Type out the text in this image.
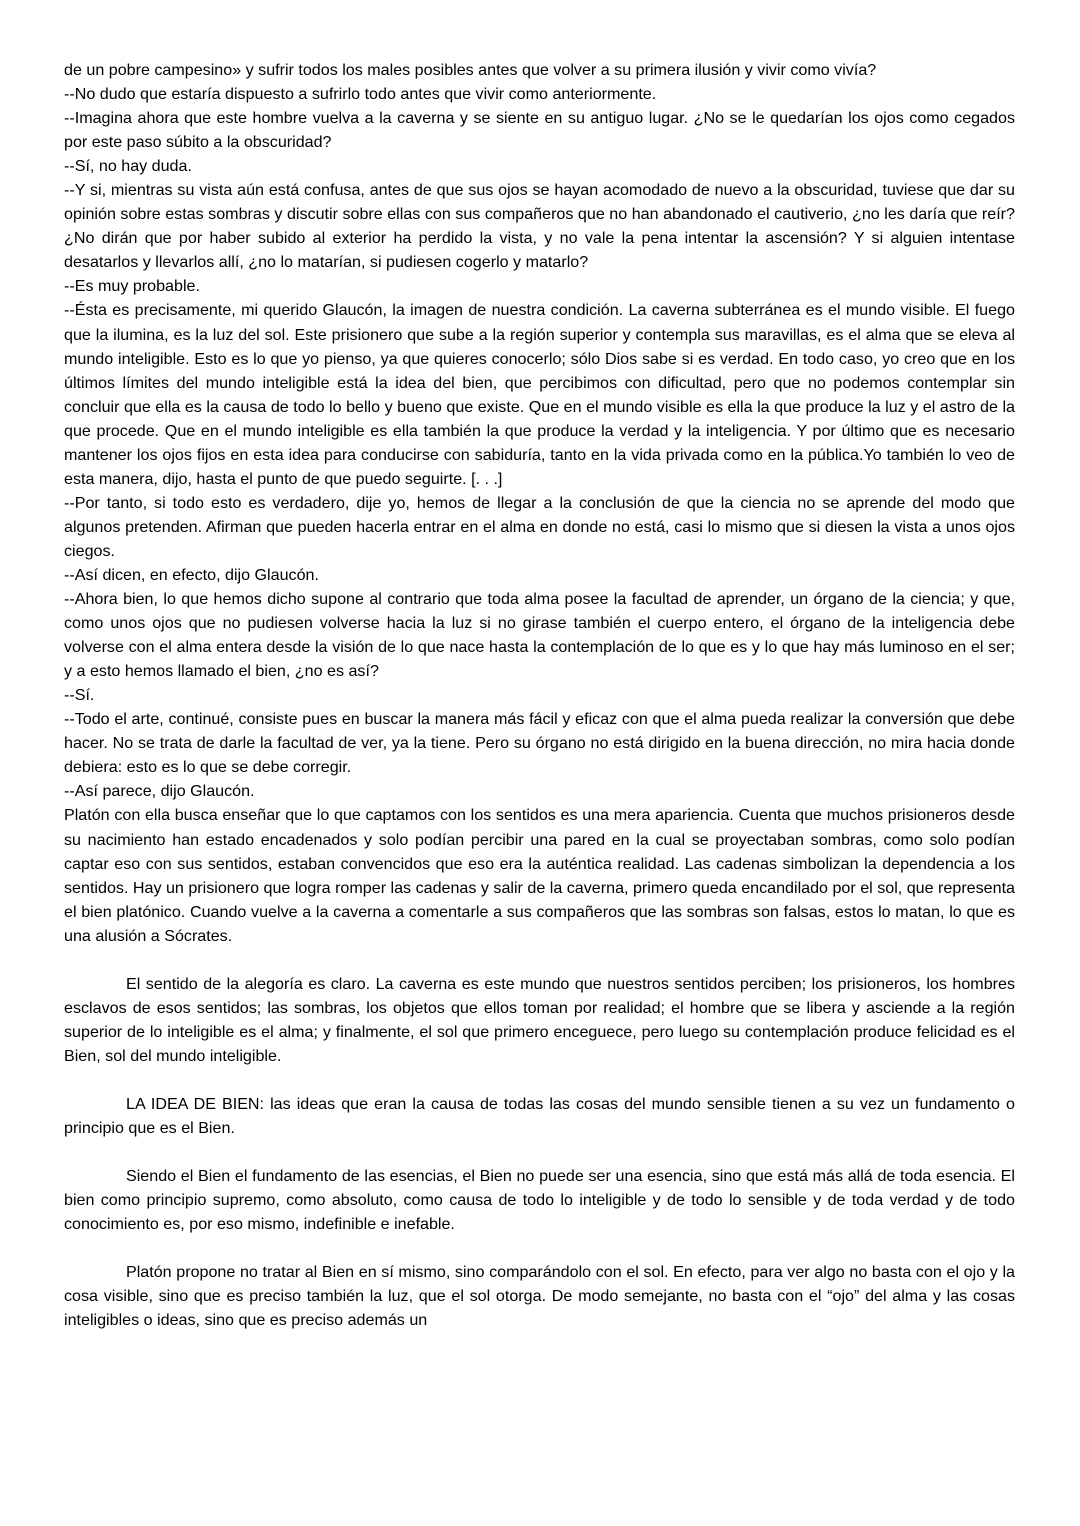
de un pobre campesino» y sufrir todos los males posibles antes que volver a su primera ilusión y vivir como vivía?

--No dudo que estaría dispuesto a sufrirlo todo antes que vivir como anteriormente.

--Imagina ahora que este hombre vuelva a la caverna y se siente en su antiguo lugar. ¿No se le quedarían los ojos como cegados por este paso súbito a la obscuridad?

--Sí, no hay duda.

--Y si, mientras su vista aún está confusa, antes de que sus ojos se hayan acomodado de nuevo a la obscuridad, tuviese que dar su opinión sobre estas sombras y discutir sobre ellas con sus compañeros que no han abandonado el cautiverio, ¿no les daría que reír? ¿No dirán que por haber subido al exterior ha perdido la vista, y no vale la pena intentar la ascensión? Y si alguien intentase desatarlos y llevarlos allí, ¿no lo matarían, si pudiesen cogerlo y matarlo?

--Es muy probable.

--Ésta es precisamente, mi querido Glaucón, la imagen de nuestra condición. La caverna subterránea es el mundo visible. El fuego que la ilumina, es la luz del sol. Este prisionero que sube a la región superior y contempla sus maravillas, es el alma que se eleva al mundo inteligible. Esto es lo que yo pienso, ya que quieres conocerlo; sólo Dios sabe si es verdad. En todo caso, yo creo que en los últimos límites del mundo inteligible está la idea del bien, que percibimos con dificultad, pero que no podemos contemplar sin concluir que ella es la causa de todo lo bello y bueno que existe. Que en el mundo visible es ella la que produce la luz y el astro de la que procede. Que en el mundo inteligible es ella también la que produce la verdad y la inteligencia. Y por último que es necesario mantener los ojos fijos en esta idea para conducirse con sabiduría, tanto en la vida privada como en la pública.Yo también lo veo de esta manera, dijo, hasta el punto de que puedo seguirte. [. . .]

--Por tanto, si todo esto es verdadero, dije yo, hemos de llegar a la conclusión de que la ciencia no se aprende del modo que algunos pretenden. Afirman que pueden hacerla entrar en el alma en donde no está, casi lo mismo que si diesen la vista a unos ojos ciegos.

--Así dicen, en efecto, dijo Glaucón.

--Ahora bien, lo que hemos dicho supone al contrario que toda alma posee la facultad de aprender, un órgano de la ciencia; y que, como unos ojos que no pudiesen volverse hacia la luz si no girase también el cuerpo entero, el órgano de la inteligencia debe volverse con el alma entera desde la visión de lo que nace hasta la contemplación de lo que es y lo que hay más luminoso en el ser; y a esto hemos llamado el bien, ¿no es así?

--Sí.

--Todo el arte, continué, consiste pues en buscar la manera más fácil y eficaz con que el alma pueda realizar la conversión que debe hacer. No se trata de darle la facultad de ver, ya la tiene. Pero su órgano no está dirigido en la buena dirección, no mira hacia donde debiera: esto es lo que se debe corregir.

--Así parece, dijo Glaucón.

Platón con ella busca enseñar que lo que captamos con los sentidos es una mera apariencia. Cuenta que muchos prisioneros desde su nacimiento han estado encadenados y solo podían percibir una pared en la cual se proyectaban sombras, como solo podían captar eso con sus sentidos, estaban convencidos que eso era la auténtica realidad. Las cadenas simbolizan la dependencia a los sentidos. Hay un prisionero que logra romper las cadenas y salir de la caverna, primero queda encandilado por el sol, que representa el bien platónico. Cuando vuelve a la caverna a comentarle a sus compañeros que las sombras son falsas, estos lo matan, lo que es una alusión a Sócrates.

El sentido de la alegoría es claro. La caverna es este mundo que nuestros sentidos perciben; los prisioneros, los hombres esclavos de esos sentidos; las sombras, los objetos que ellos toman por realidad; el hombre que se libera y asciende a la región superior de lo inteligible es el alma; y finalmente, el sol que primero enceguece, pero luego su contemplación produce felicidad es el Bien, sol del mundo inteligible.

LA IDEA DE BIEN: las ideas que eran la causa de todas las cosas del mundo sensible tienen a su vez un fundamento o principio que es el Bien.

Siendo el Bien el fundamento de las esencias, el Bien no puede ser una esencia, sino que está más allá de toda esencia. El bien como principio supremo, como absoluto, como causa de todo lo inteligible y de todo lo sensible y de toda verdad y de todo conocimiento es, por eso mismo, indefinible e inefable.

Platón propone no tratar al Bien en sí mismo, sino comparándolo con el sol. En efecto, para ver algo no basta con el ojo y la cosa visible, sino que es preciso también la luz, que el sol otorga. De modo semejante, no basta con el “ojo” del alma y las cosas inteligibles o ideas, sino que es preciso además un
